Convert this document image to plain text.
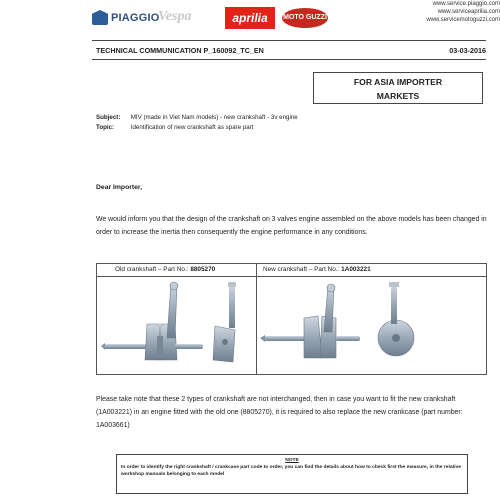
PIAGGIO
Vespa	aprilia	MOTO GUZZI
www.service.piaggio.com
www.serviceaprilia.com
www.servicemotoguzzi.com
TECHNICAL COMMUNICATION P_160092_TC_EN	03-03-2016
FOR ASIA IMPORTER
MARKETS
Subject: MIV (made in Viet Nam models) - new crankshaft - 3v engine
Topic:	Identification of new crankshaft as spare part
Dear Importer,
We would inform you that the design of the crankshaft on 3 valves engine assembled on the above models has been changed in order to increase the inertia then consequently the engine performance in any conditions.
Old crankshaft – Part No.: 8805270	New crankshaft – Part No.: 1A003221
Please take note that these 2 types of crankshaft are not interchanged, then in case you want to fit the new crankshaft (1A003221) in an engine fitted with the old one (8805270), it is required to also replace the new crankcase (part number: 1A003661)
NOTE
In order to identify the right crankshaft / crankcase part code to order, you can find the details about how to check first the measure, in the relative workshop manuals belonging to each model
